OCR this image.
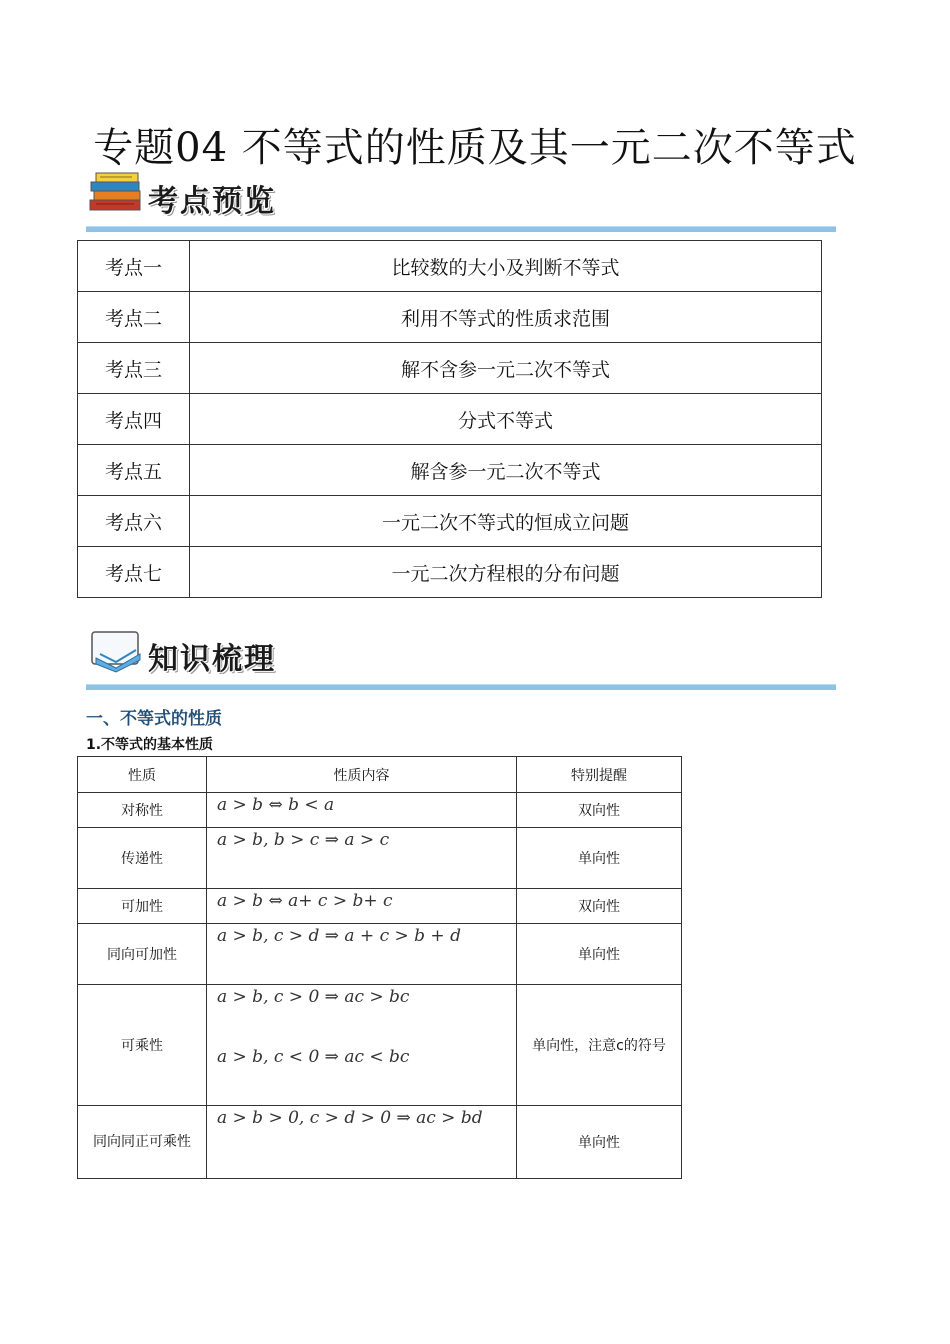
专题04 不等式的性质及其一元二次不等式
考点预览
考点一	比较数的大小及判断不等式
考点二	利用不等式的性质求范围
考点三	解不含参一元二次不等式
考点四	分式不等式
考点五	解含参一元二次不等式
考点六	一元二次不等式的恒成立问题
考点七	一元二次方程根的分布问题
知识梳理
一、不等式的性质
1.不等式的基本性质
性质	性质内容	特别提醒
对称性	a > b ⇔ b < a	双向性
传递性	a > b, b > c ⇒ a > c	单向性
可加性	a > b ⇔ a+ c > b+ c	双向性
同向可加性	a > b, c > d ⇒ a + c > b + d	单向性
可乘性	a > b, c > 0 ⇒ ac > bc
a > b, c < 0 ⇒ ac < bc	单向性，注意c的符号
同向同正可乘性	a > b > 0, c > d > 0 ⇒ ac > bd	单向性
